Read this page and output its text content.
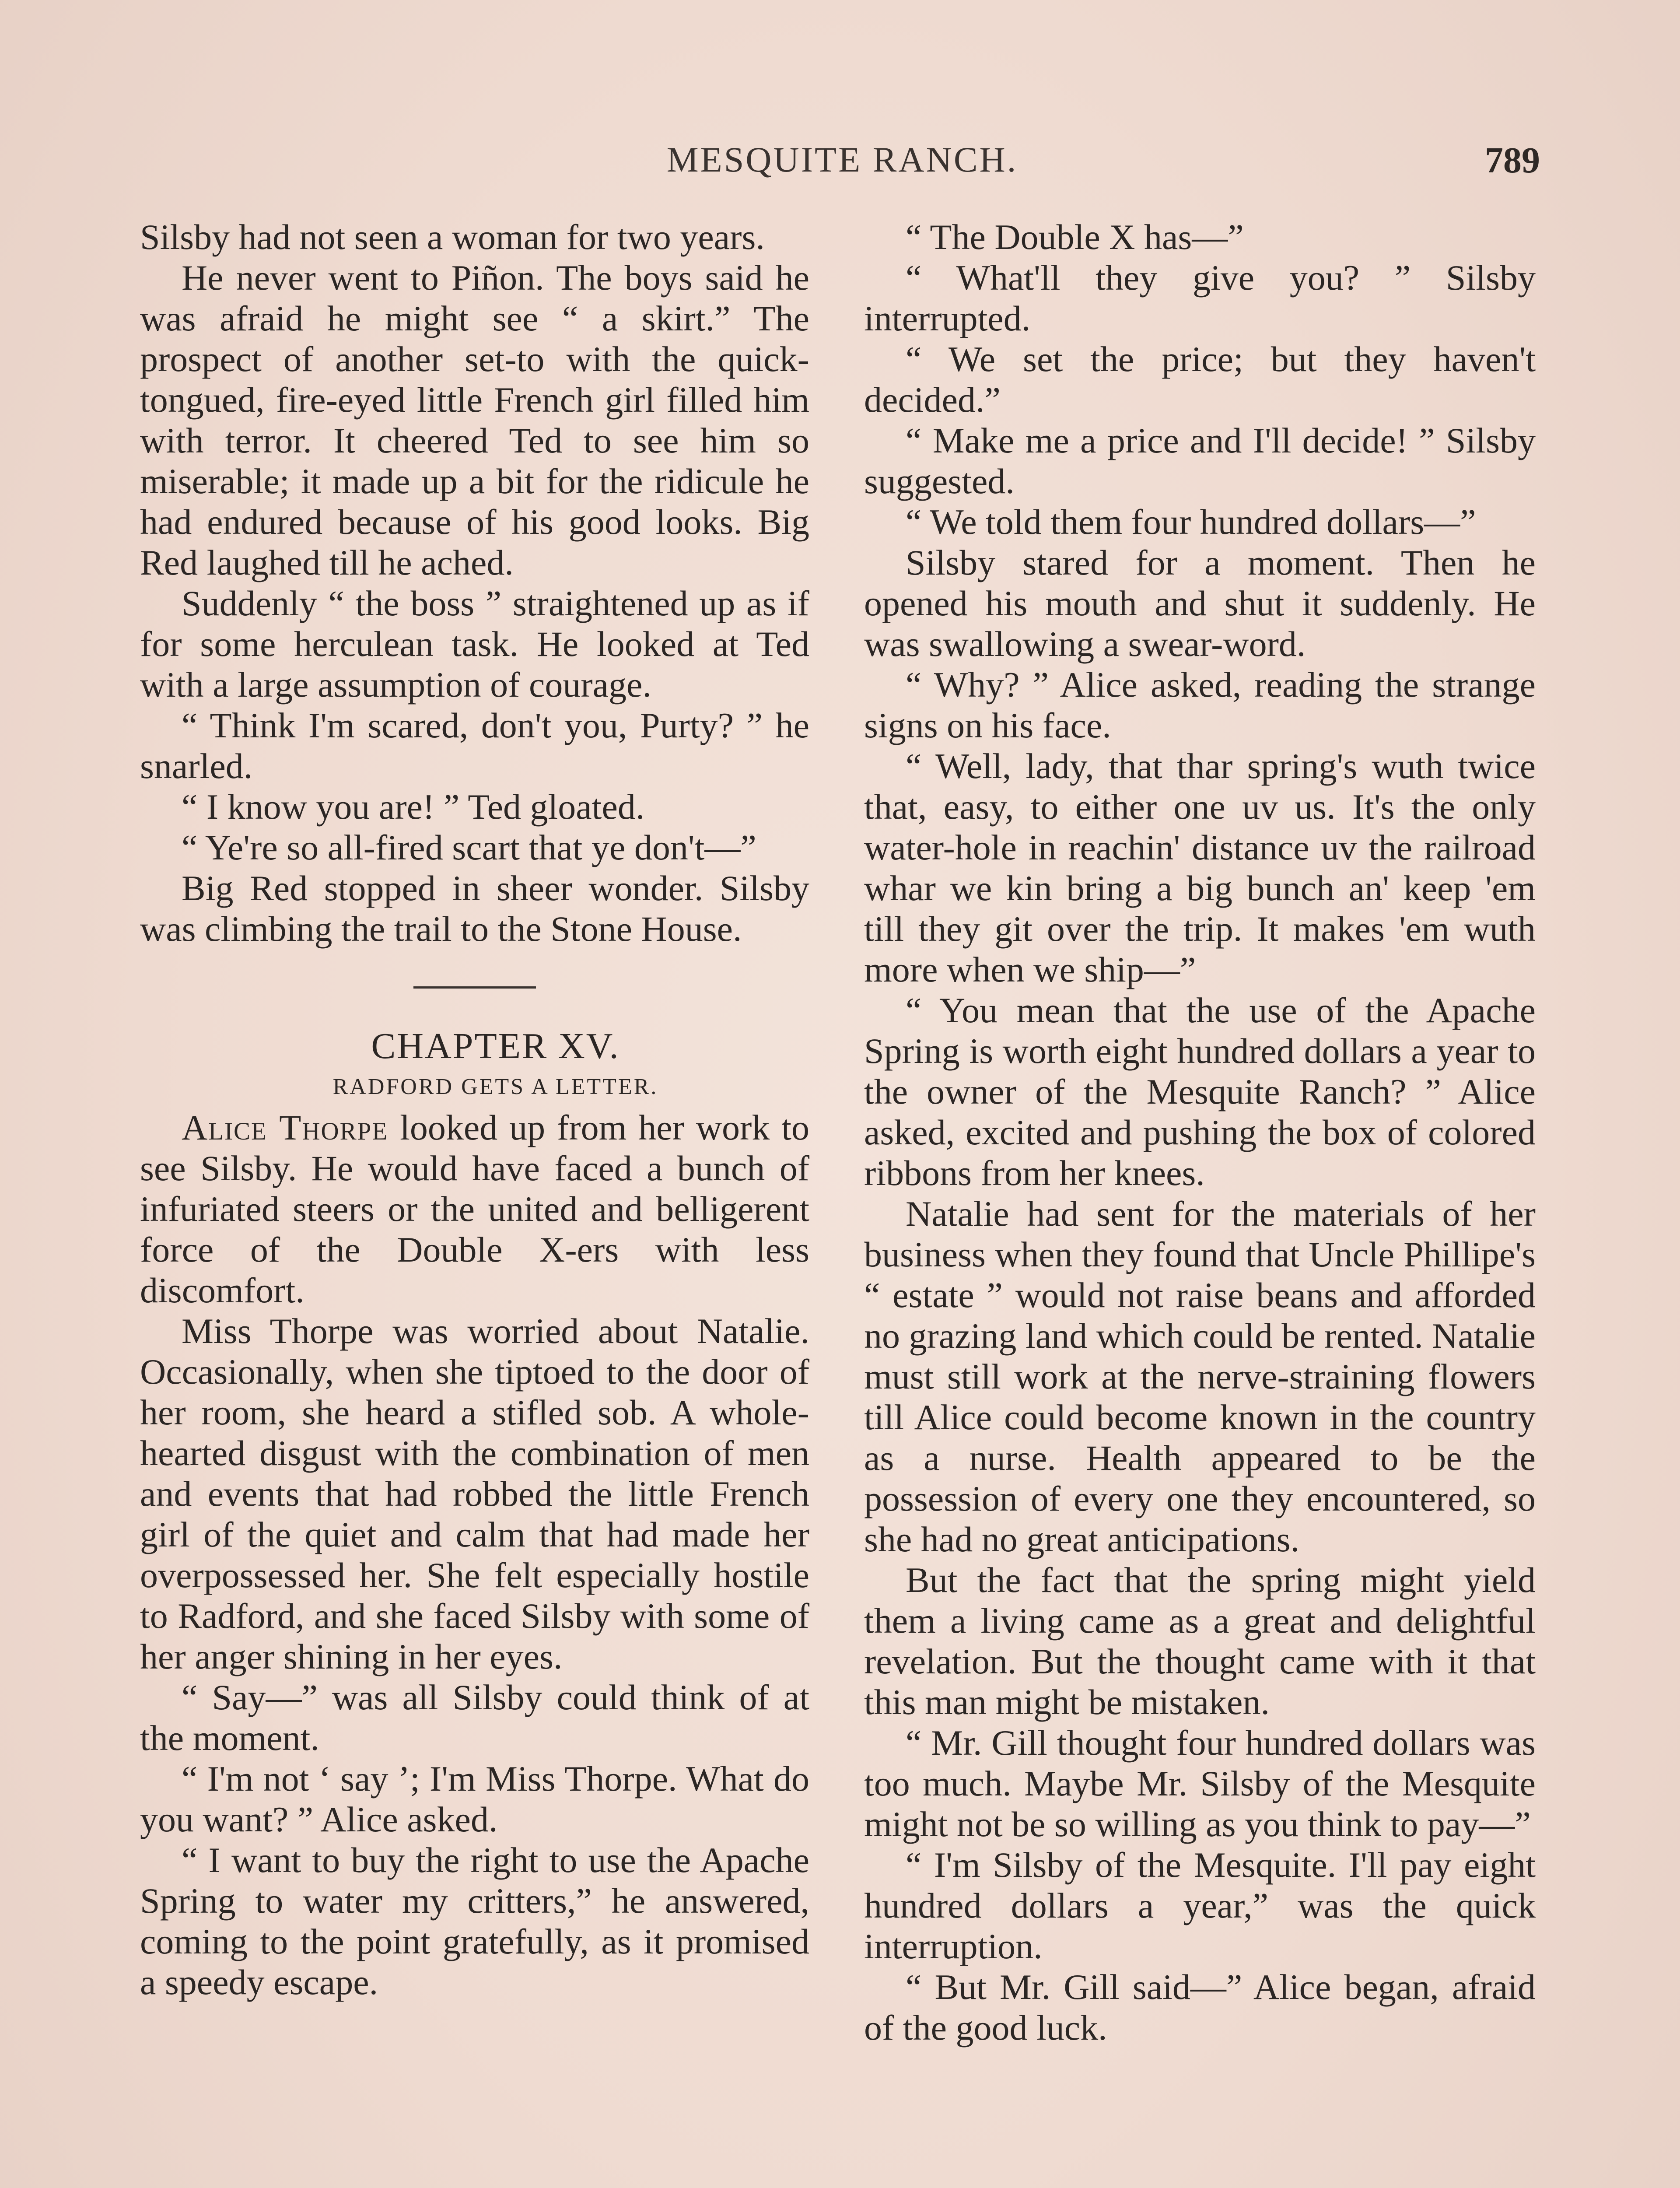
MESQUITE RANCH.	789

Silsby had not seen a woman for two years.

He never went to Piñon. The boys said he was afraid he might see “ a skirt.” The prospect of another set-to with the quick-tongued, fire-eyed little French girl filled him with terror. It cheered Ted to see him so miserable; it made up a bit for the ridicule he had endured because of his good looks. Big Red laughed till he ached.

Suddenly “ the boss ” straightened up as if for some herculean task. He looked at Ted with a large assumption of courage.

“ Think I'm scared, don't you, Purty? ” he snarled.

“ I know you are! ” Ted gloated.

“ Ye're so all-fired scart that ye don't—”

Big Red stopped in sheer wonder. Silsby was climbing the trail to the Stone House.

CHAPTER XV.

RADFORD GETS A LETTER.

Alice Thorpe looked up from her work to see Silsby. He would have faced a bunch of infuriated steers or the united and belligerent force of the Double X-ers with less discomfort.

Miss Thorpe was worried about Natalie. Occasionally, when she tiptoed to the door of her room, she heard a stifled sob. A whole-hearted disgust with the combination of men and events that had robbed the little French girl of the quiet and calm that had made her overpossessed her. She felt especially hostile to Radford, and she faced Silsby with some of her anger shining in her eyes.

“ Say—” was all Silsby could think of at the moment.

“ I'm not ‘ say ’; I'm Miss Thorpe. What do you want? ” Alice asked.

“ I want to buy the right to use the Apache Spring to water my critters,” he answered, coming to the point gratefully, as it promised a speedy escape.

“ The Double X has—”

“ What'll they give you? ” Silsby interrupted.

“ We set the price; but they haven't decided.”

“ Make me a price and I'll decide! ” Silsby suggested.

“ We told them four hundred dollars—”

Silsby stared for a moment. Then he opened his mouth and shut it suddenly. He was swallowing a swear-word.

“ Why? ” Alice asked, reading the strange signs on his face.

“ Well, lady, that thar spring's wuth twice that, easy, to either one uv us. It's the only water-hole in reachin' distance uv the railroad whar we kin bring a big bunch an' keep 'em till they git over the trip. It makes 'em wuth more when we ship—”

“ You mean that the use of the Apache Spring is worth eight hundred dollars a year to the owner of the Mesquite Ranch? ” Alice asked, excited and pushing the box of colored ribbons from her knees.

Natalie had sent for the materials of her business when they found that Uncle Phillipe's “ estate ” would not raise beans and afforded no grazing land which could be rented. Natalie must still work at the nerve-straining flowers till Alice could become known in the country as a nurse. Health appeared to be the possession of every one they encountered, so she had no great anticipations.

But the fact that the spring might yield them a living came as a great and delightful revelation. But the thought came with it that this man might be mistaken.

“ Mr. Gill thought four hundred dollars was too much. Maybe Mr. Silsby of the Mesquite might not be so willing as you think to pay—”

“ I'm Silsby of the Mesquite. I'll pay eight hundred dollars a year,” was the quick interruption.

“ But Mr. Gill said—” Alice began, afraid of the good luck.
